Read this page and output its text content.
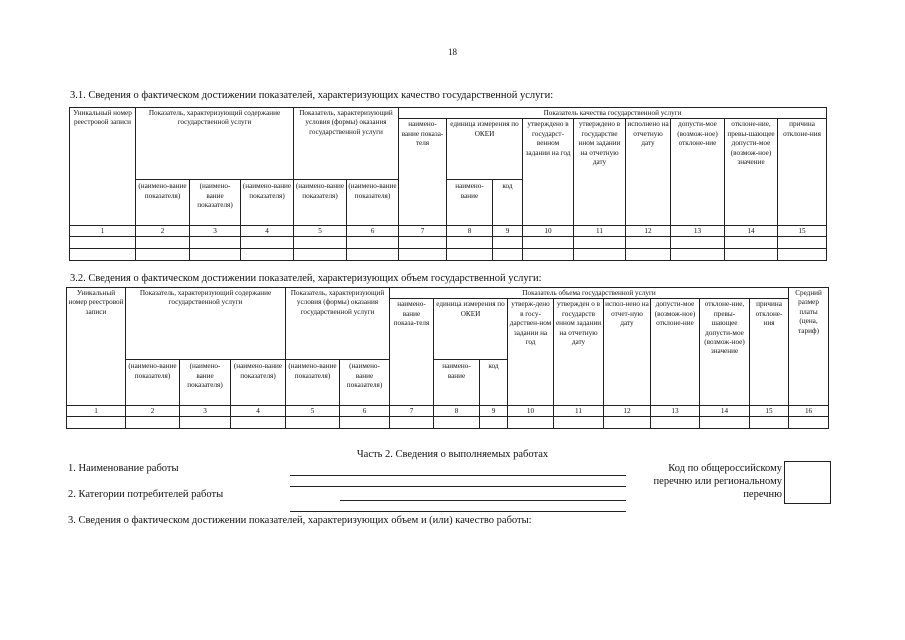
18
3.1. Сведения о фактическом достижении показателей, характеризующих качество государственной услуги:
Уникальный номер реестровой записи	Показатель, характеризующий содержание государственной услуги			Показатель, характеризующий условия (формы) оказания государственной услуги		Показатель качества государственной услуги								
						наимено-вание показа-теля	единица измерения по ОКЕИ		утверждено в государст-венном задании на год	утверждено в государстве нном задании на отчетную дату	исполнено на отчетную дату	допусти-мое (возмож-ное) отклоне-ние	отклоне-ние, превы-шающее допусти-мое (возмож-ное) значение	причина отклоне-ния
	(наимено-вание показателя)	(наимено-вание показателя)	(наимено-вание показателя)	(наимено-вание показателя)	(наимено-вание показателя)		наимено-вание	код						
1	2	3	4	5	6	7	8	9	10	11	12	13	14	15

3.2. Сведения о фактическом достижении показателей, характеризующих объем государственной услуги:
Уникальный номер реестровой записи	Показатель, характеризующий содержание государственной услуги			Показатель, характеризующий условия (формы) оказания государственной услуги		Показатель объема государственной услуги									Средний размер платы (цена, тариф)
						наимено-вание показа-теля	единица измерения по ОКЕИ		утверж-дено в госу-дарствен-ном задании на год	утвержден о в государств енном задании на отчетную дату	испол-нено на отчет-ную дату	допусти-мое (возмож-ное) отклоне-ние	отклоне-ние, превы-шающее допусти-мое (возмож-ное) значение	причина отклоне-ния	
	(наимено-вание показателя)	(наимено-вание показателя)	(наимено-вание показателя)	(наимено-вание показателя)	(наимено-вание показателя)		наимено-вание	код							
1	2	3	4	5	6	7	8	9	10	11	12	13	14	15	16

Часть 2. Сведения о выполняемых работах
1. Наименование работы
2. Категории потребителей работы
3. Сведения о фактическом достижении показателей, характеризующих объем и (или) качество работы:
Код по общероссийскому перечню или региональному перечню
